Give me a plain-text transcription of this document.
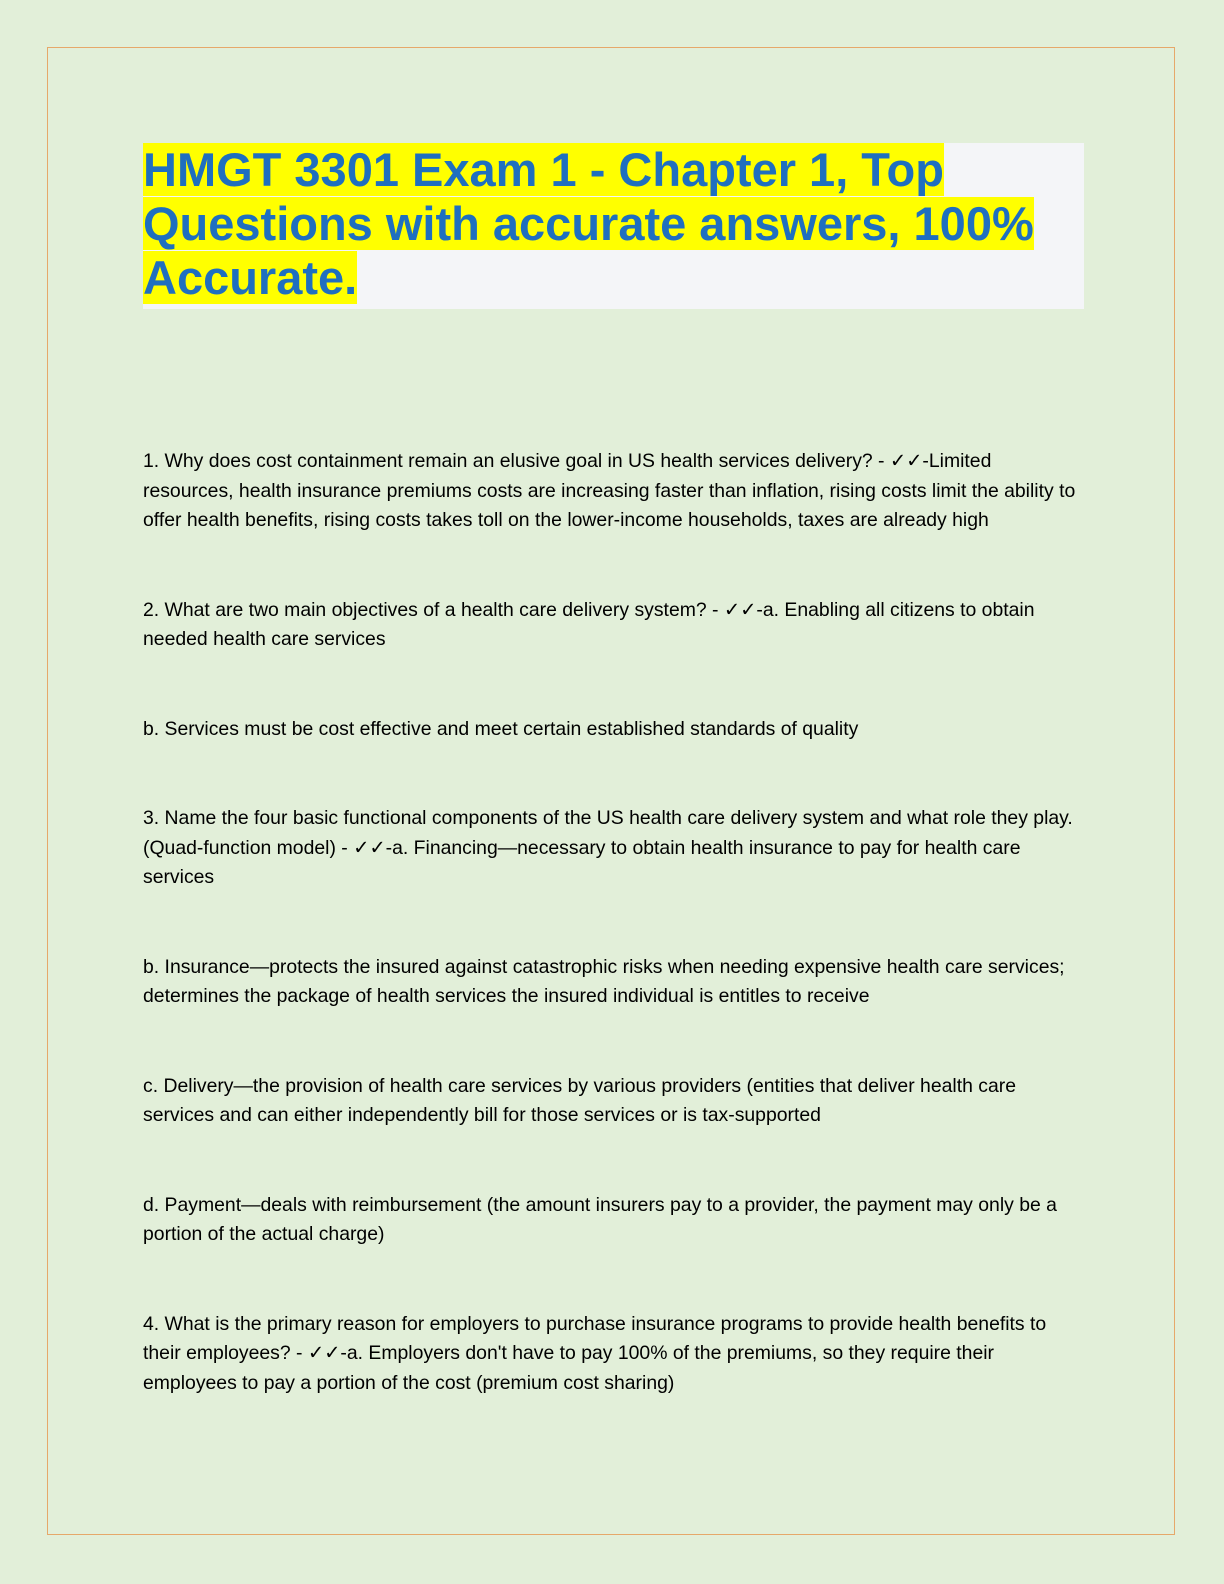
HMGT 3301 Exam 1 - Chapter 1, Top Questions with accurate answers, 100% Accurate.

1. Why does cost containment remain an elusive goal in US health services delivery? - ✓✓-Limited resources, health insurance premiums costs are increasing faster than inflation, rising costs limit the ability to offer health benefits, rising costs takes toll on the lower-income households, taxes are already high

2. What are two main objectives of a health care delivery system? - ✓✓-a. Enabling all citizens to obtain needed health care services

b. Services must be cost effective and meet certain established standards of quality

3. Name the four basic functional components of the US health care delivery system and what role they play. (Quad-function model) - ✓✓-a. Financing—necessary to obtain health insurance to pay for health care services

b. Insurance—protects the insured against catastrophic risks when needing expensive health care services; determines the package of health services the insured individual is entitles to receive

c. Delivery—the provision of health care services by various providers (entities that deliver health care services and can either independently bill for those services or is tax-supported

d. Payment—deals with reimbursement (the amount insurers pay to a provider, the payment may only be a portion of the actual charge)

4. What is the primary reason for employers to purchase insurance programs to provide health benefits to their employees? - ✓✓-a. Employers don't have to pay 100% of the premiums, so they require their employees to pay a portion of the cost (premium cost sharing)
